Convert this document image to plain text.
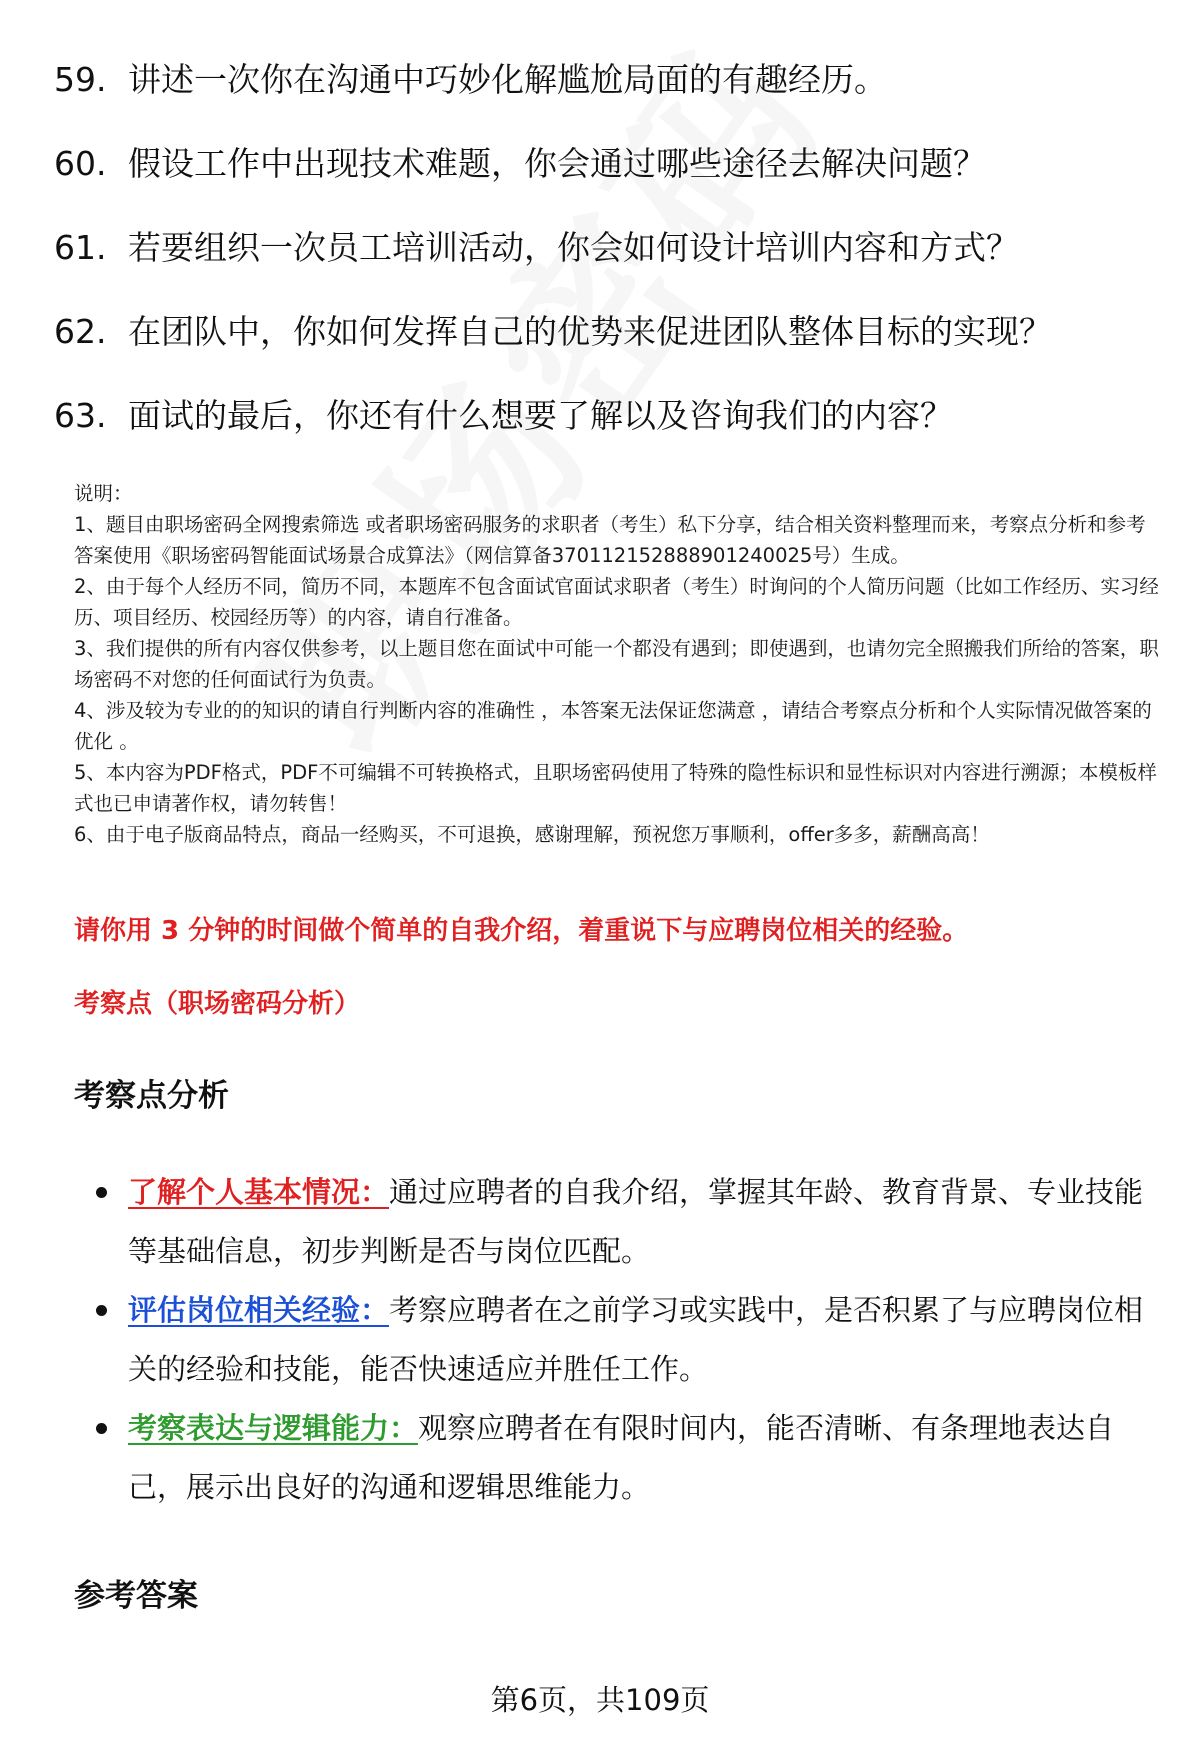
59. 讲述一次你在沟通中巧妙化解尴尬局面的有趣经历。
60. 假设工作中出现技术难题，你会通过哪些途径去解决问题？
61. 若要组织一次员工培训活动，你会如何设计培训内容和方式？
62. 在团队中，你如何发挥自己的优势来促进团队整体目标的实现？
63. 面试的最后，你还有什么想要了解以及咨询我们的内容？

说明：

1、题目由职场密码全网搜索筛选 或者职场密码服务的求职者（考生）私下分享，结合相关资料整理而来，考察点分析和参考答案使用《职场密码智能面试场景合成算法》（网信算备370112152888901240025号）生成。

2、由于每个人经历不同，简历不同，本题库不包含面试官面试求职者（考生）时询问的个人简历问题（比如工作经历、实习经历、项目经历、校园经历等）的内容，请自行准备。

3、我们提供的所有内容仅供参考，以上题目您在面试中可能一个都没有遇到；即使遇到，也请勿完全照搬我们所给的答案，职场密码不对您的任何面试行为负责。

4、涉及较为专业的的知识的请自行判断内容的准确性 ，本答案无法保证您满意 ，请结合考察点分析和个人实际情况做答案的优化 。

5、本内容为PDF格式，PDF不可编辑不可转换格式，且职场密码使用了特殊的隐性标识和显性标识对内容进行溯源；本模板样式也已申请著作权，请勿转售！

6、由于电子版商品特点，商品一经购买，不可退换，感谢理解，预祝您万事顺利，offer多多，薪酬高高！

请你用 3 分钟的时间做个简单的自我介绍，着重说下与应聘岗位相关的经验。
考察点（职场密码分析）
考察点分析
了解个人基本情况：通过应聘者的自我介绍，掌握其年龄、教育背景、专业技能等基础信息，初步判断是否与岗位匹配。
评估岗位相关经验：考察应聘者在之前学习或实践中，是否积累了与应聘岗位相关的经验和技能，能否快速适应并胜任工作。
考察表达与逻辑能力：观察应聘者在有限时间内，能否清晰、有条理地表达自己，展示出良好的沟通和逻辑思维能力。
参考答案
第6页，共109页
